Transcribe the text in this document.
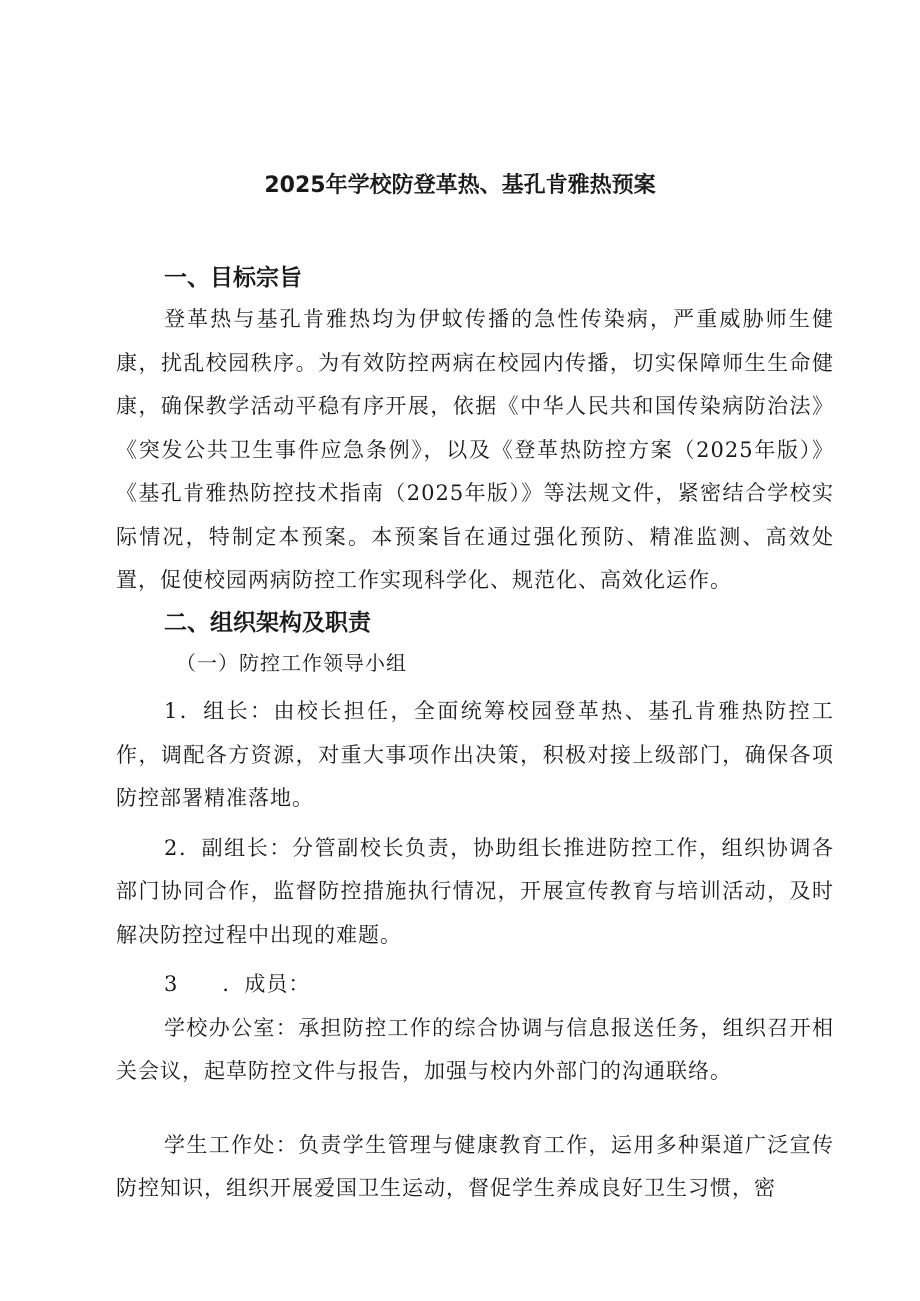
2025年学校防登革热、基孔肯雅热预案
一、目标宗旨

登革热与基孔肯雅热均为伊蚊传播的急性传染病，严重威胁师生健康，扰乱校园秩序。为有效防控两病在校园内传播，切实保障师生生命健康，确保教学活动平稳有序开展，依据《中华人民共和国传染病防治法》《突发公共卫生事件应急条例》，以及《登革热防控方案（2025年版）》《基孔肯雅热防控技术指南（2025年版）》等法规文件，紧密结合学校实际情况，特制定本预案。本预案旨在通过强化预防、精准监测、高效处置，促使校园两病防控工作实现科学化、规范化、高效化运作。

二、组织架构及职责
（一）防控工作领导小组

1．组长：由校长担任，全面统筹校园登革热、基孔肯雅热防控工作，调配各方资源，对重大事项作出决策，积极对接上级部门，确保各项防控部署精准落地。

2．副组长：分管副校长负责，协助组长推进防控工作，组织协调各部门协同合作，监督防控措施执行情况，开展宣传教育与培训活动，及时解决防控过程中出现的难题。

3　　．成员：

学校办公室：承担防控工作的综合协调与信息报送任务，组织召开相关会议，起草防控文件与报告，加强与校内外部门的沟通联络。

学生工作处：负责学生管理与健康教育工作，运用多种渠道广泛宣传防控知识，组织开展爱国卫生运动，督促学生养成良好卫生习惯，密
